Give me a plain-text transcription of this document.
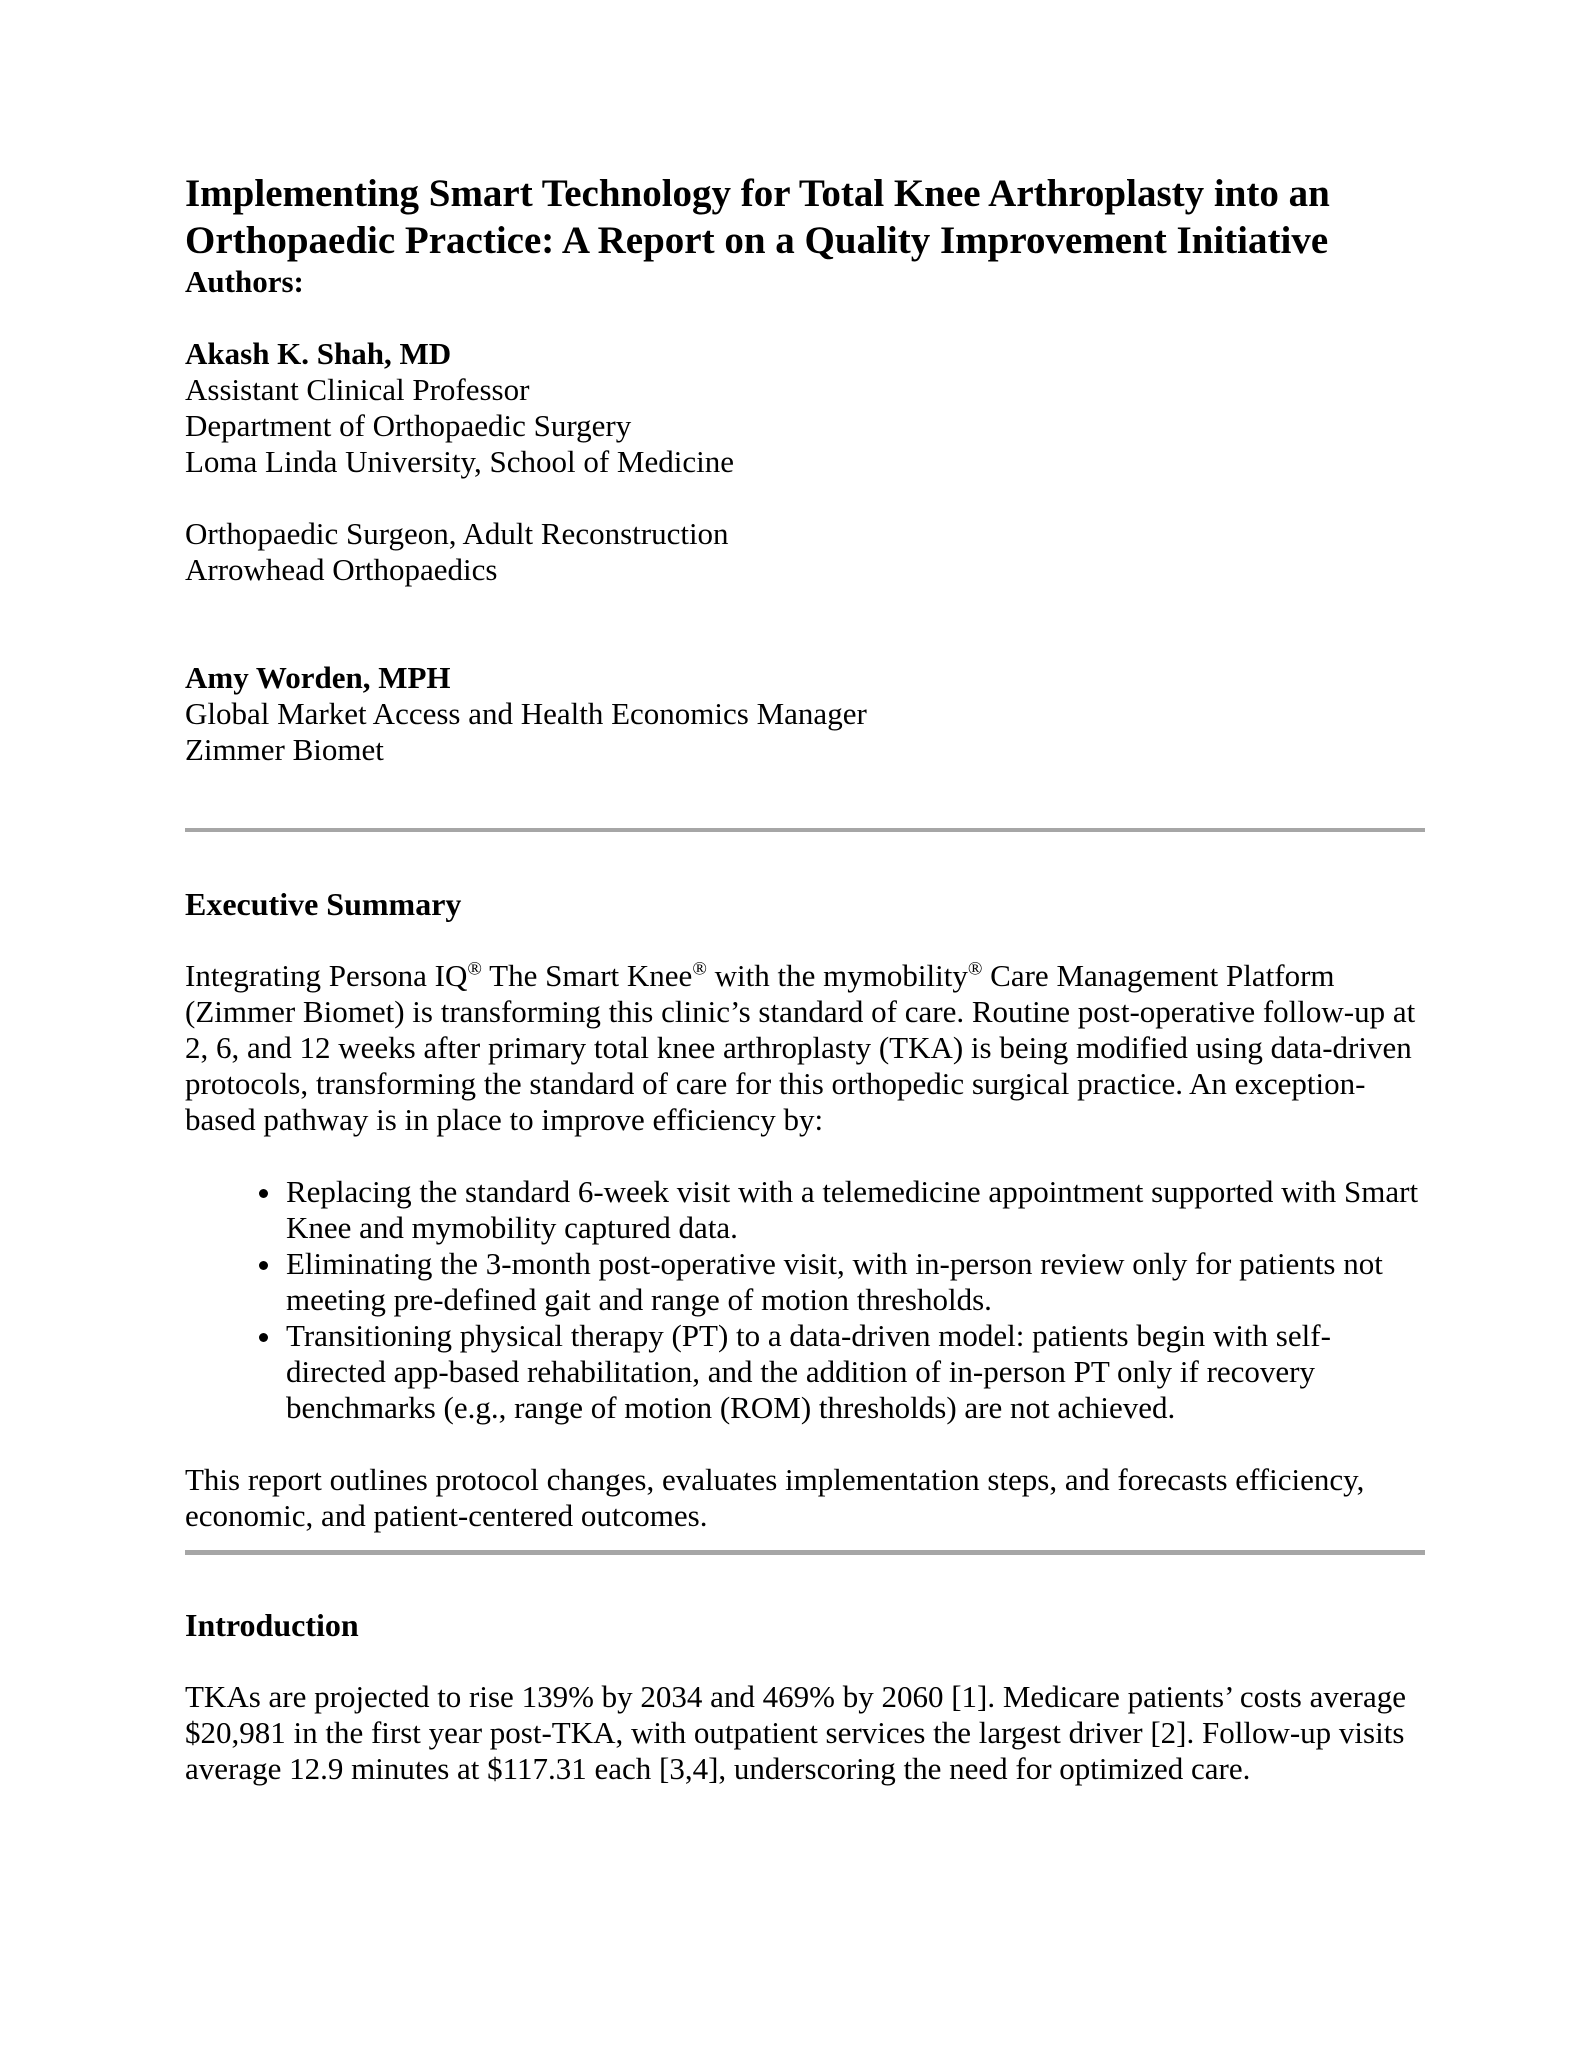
Implementing Smart Technology for Total Knee Arthroplasty into an Orthopaedic Practice: A Report on a Quality Improvement Initiative

Authors:

Akash K. Shah, MD

Assistant Clinical Professor

Department of Orthopaedic Surgery

Loma Linda University, School of Medicine

Orthopaedic Surgeon, Adult Reconstruction

Arrowhead Orthopaedics

Amy Worden, MPH

Global Market Access and Health Economics Manager

Zimmer Biomet

Executive Summary

Integrating Persona IQ® The Smart Knee® with the mymobility® Care Management Platform (Zimmer Biomet) is transforming this clinic’s standard of care. Routine post-operative follow-up at 2, 6, and 12 weeks after primary total knee arthroplasty (TKA) is being modified using data-driven protocols, transforming the standard of care for this orthopedic surgical practice. An exception-based pathway is in place to improve efficiency by:

• Replacing the standard 6-week visit with a telemedicine appointment supported with Smart Knee and mymobility captured data.
• Eliminating the 3-month post-operative visit, with in-person review only for patients not meeting pre-defined gait and range of motion thresholds.
• Transitioning physical therapy (PT) to a data-driven model: patients begin with self-directed app-based rehabilitation, and the addition of in-person PT only if recovery benchmarks (e.g., range of motion (ROM) thresholds) are not achieved.

This report outlines protocol changes, evaluates implementation steps, and forecasts efficiency, economic, and patient-centered outcomes.

Introduction

TKAs are projected to rise 139% by 2034 and 469% by 2060 [1]. Medicare patients’ costs average $20,981 in the first year post-TKA, with outpatient services the largest driver [2]. Follow-up visits average 12.9 minutes at $117.31 each [3,4], underscoring the need for optimized care.
